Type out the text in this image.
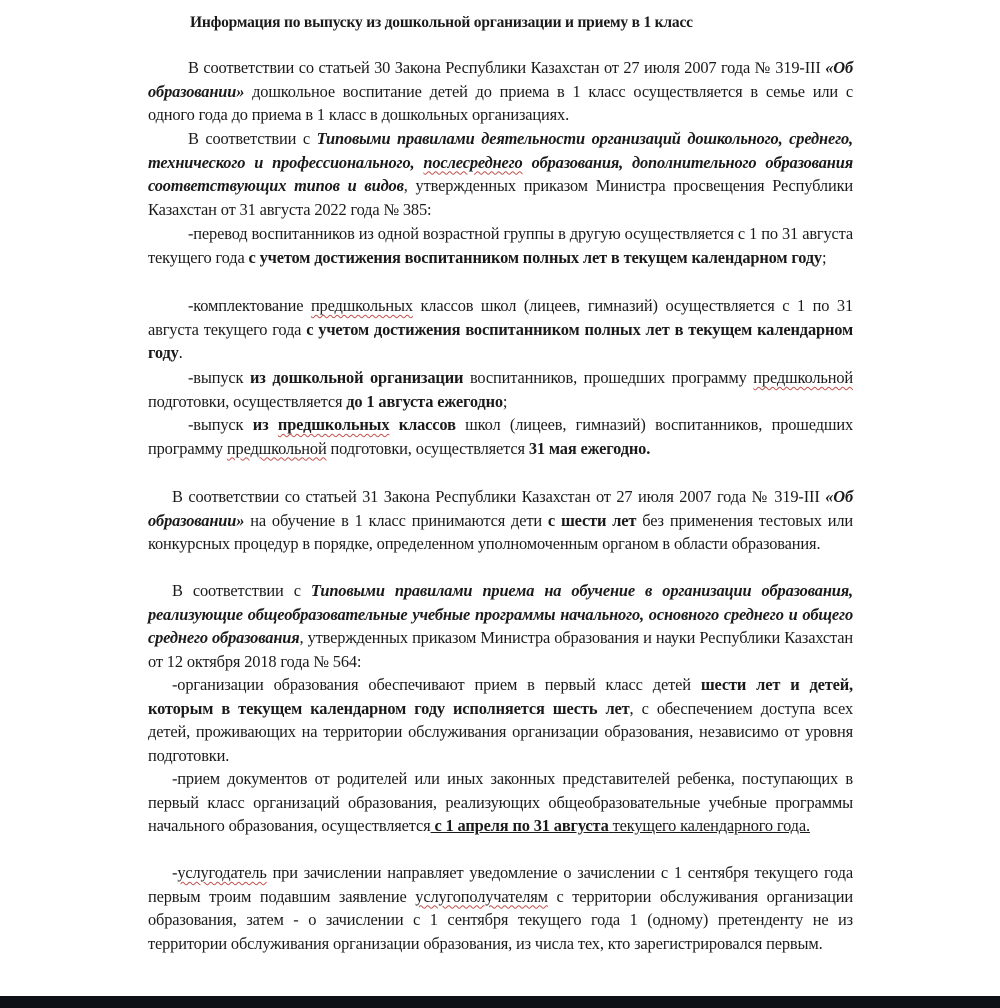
Информация по выпуску из дошкольной организации и приему в 1 класс

В соответствии со статьей 30 Закона Республики Казахстан от 27 июля 2007 года № 319-III «Об образовании» дошкольное воспитание детей до приема в 1 класс осуществляется в семье или с одного года до приема в 1 класс в дошкольных организациях.

В соответствии с Типовыми правилами деятельности организаций дошкольного, среднего, технического и профессионального, послесреднего образования, дополнительного образования соответствующих типов и видов, утвержденных приказом Министра просвещения Республики Казахстан от 31 августа 2022 года № 385:

-перевод воспитанников из одной возрастной группы в другую осуществляется с 1 по 31 августа текущего года с учетом достижения воспитанником полных лет в текущем календарном году;

-комплектование предшкольных классов школ (лицеев, гимназий) осуществляется с 1 по 31 августа текущего года с учетом достижения воспитанником полных лет в текущем календарном году.

-выпуск из дошкольной организации воспитанников, прошедших программу предшкольной подготовки, осуществляется до 1 августа ежегодно;

-выпуск из предшкольных классов школ (лицеев, гимназий) воспитанников, прошедших программу предшкольной подготовки, осуществляется 31 мая ежегодно.

В соответствии со статьей 31 Закона Республики Казахстан от 27 июля 2007 года № 319-III «Об образовании» на обучение в 1 класс принимаются дети с шести лет без применения тестовых или конкурсных процедур в порядке, определенном уполномоченным органом в области образования.

В соответствии с Типовыми правилами приема на обучение в организации образования, реализующие общеобразовательные учебные программы начального, основного среднего и общего среднего образования, утвержденных приказом Министра образования и науки Республики Казахстан от 12 октября 2018 года № 564:

-организации образования обеспечивают прием в первый класс детей шести лет и детей, которым в текущем календарном году исполняется шесть лет, с обеспечением доступа всех детей, проживающих на территории обслуживания организации образования, независимо от уровня подготовки.

-прием документов от родителей или иных законных представителей ребенка, поступающих в первый класс организаций образования, реализующих общеобразовательные учебные программы начального образования, осуществляется с 1 апреля по 31 августа текущего календарного года.

-услугодатель при зачислении направляет уведомление о зачислении с 1 сентября текущего года первым троим подавшим заявление услугополучателям с территории обслуживания организации образования, затем - о зачислении с 1 сентября текущего года 1 (одному) претенденту не из территории обслуживания организации образования, из числа тех, кто зарегистрировался первым.
